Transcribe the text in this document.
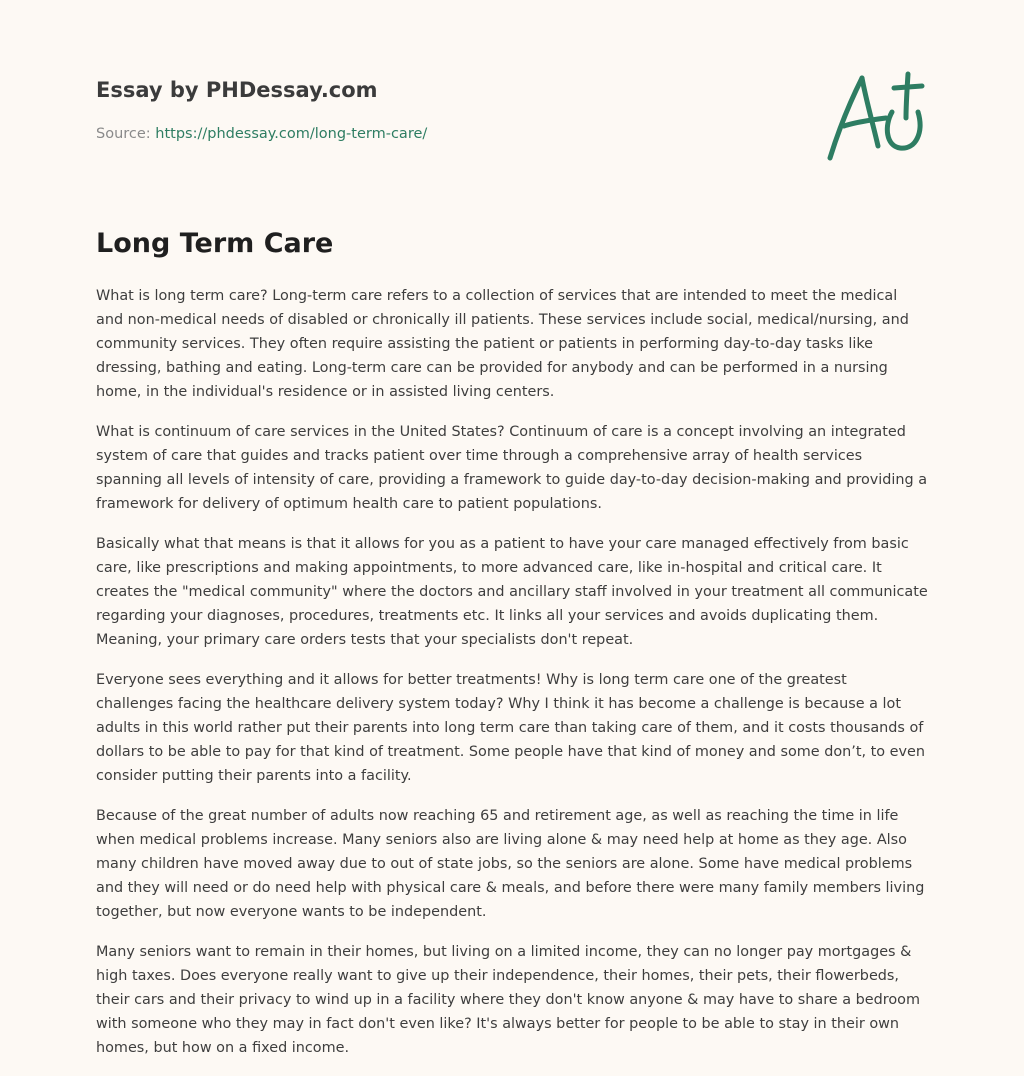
Essay by PHDessay.com
Source: https://phdessay.com/long-term-care/
Long Term Care

What is long term care? Long-term care refers to a collection of services that are intended to meet the medical and non-medical needs of disabled or chronically ill patients. These services include social, medical/nursing, and community services. They often require assisting the patient or patients in performing day-to-day tasks like dressing, bathing and eating. Long-term care can be provided for anybody and can be performed in a nursing home, in the individual's residence or in assisted living centers.

What is continuum of care services in the United States? Continuum of care is a concept involving an integrated system of care that guides and tracks patient over time through a comprehensive array of health services spanning all levels of intensity of care, providing a framework to guide day-to-day decision-making and providing a framework for delivery of optimum health care to patient populations.

Basically what that means is that it allows for you as a patient to have your care managed effectively from basic care, like prescriptions and making appointments, to more advanced care, like in-hospital and critical care. It creates the "medical community" where the doctors and ancillary staff involved in your treatment all communicate regarding your diagnoses, procedures, treatments etc. It links all your services and avoids duplicating them. Meaning, your primary care orders tests that your specialists don't repeat.

Everyone sees everything and it allows for better treatments! Why is long term care one of the greatest challenges facing the healthcare delivery system today? Why I think it has become a challenge is because a lot adults in this world rather put their parents into long term care than taking care of them, and it costs thousands of dollars to be able to pay for that kind of treatment. Some people have that kind of money and some don’t, to even consider putting their parents into a facility.

Because of the great number of adults now reaching 65 and retirement age, as well as reaching the time in life when medical problems increase. Many seniors also are living alone & may need help at home as they age. Also many children have moved away due to out of state jobs, so the seniors are alone. Some have medical problems and they will need or do need help with physical care & meals, and before there were many family members living together, but now everyone wants to be independent.

Many seniors want to remain in their homes, but living on a limited income, they can no longer pay mortgages & high taxes. Does everyone really want to give up their independence, their homes, their pets, their flowerbeds, their cars and their privacy to wind up in a facility where they don't know anyone & may have to share a bedroom with someone who they may in fact don't even like? It's always better for people to be able to stay in their own homes, but how on a fixed income.
